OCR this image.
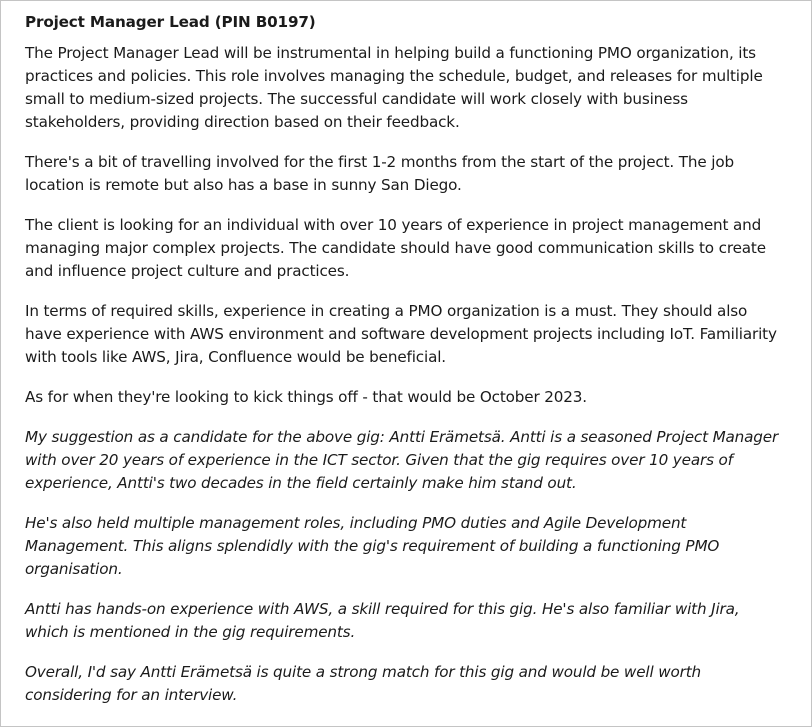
Project Manager Lead (PIN B0197)

The Project Manager Lead will be instrumental in helping build a functioning PMO organization, its practices and policies. This role involves managing the schedule, budget, and releases for multiple small to medium-sized projects. The successful candidate will work closely with business stakeholders, providing direction based on their feedback.

There's a bit of travelling involved for the first 1-2 months from the start of the project. The job location is remote but also has a base in sunny San Diego.

The client is looking for an individual with over 10 years of experience in project management and managing major complex projects. The candidate should have good communication skills to create and influence project culture and practices.

In terms of required skills, experience in creating a PMO organization is a must. They should also have experience with AWS environment and software development projects including IoT. Familiarity with tools like AWS, Jira, Confluence would be beneficial.

As for when they're looking to kick things off - that would be October 2023.

My suggestion as a candidate for the above gig: Antti Erämetsä. Antti is a seasoned Project Manager with over 20 years of experience in the ICT sector. Given that the gig requires over 10 years of experience, Antti's two decades in the field certainly make him stand out.

He's also held multiple management roles, including PMO duties and Agile Development Management. This aligns splendidly with the gig's requirement of building a functioning PMO organisation.

Antti has hands-on experience with AWS, a skill required for this gig. He's also familiar with Jira, which is mentioned in the gig requirements.

Overall, I'd say Antti Erämetsä is quite a strong match for this gig and would be well worth considering for an interview.
